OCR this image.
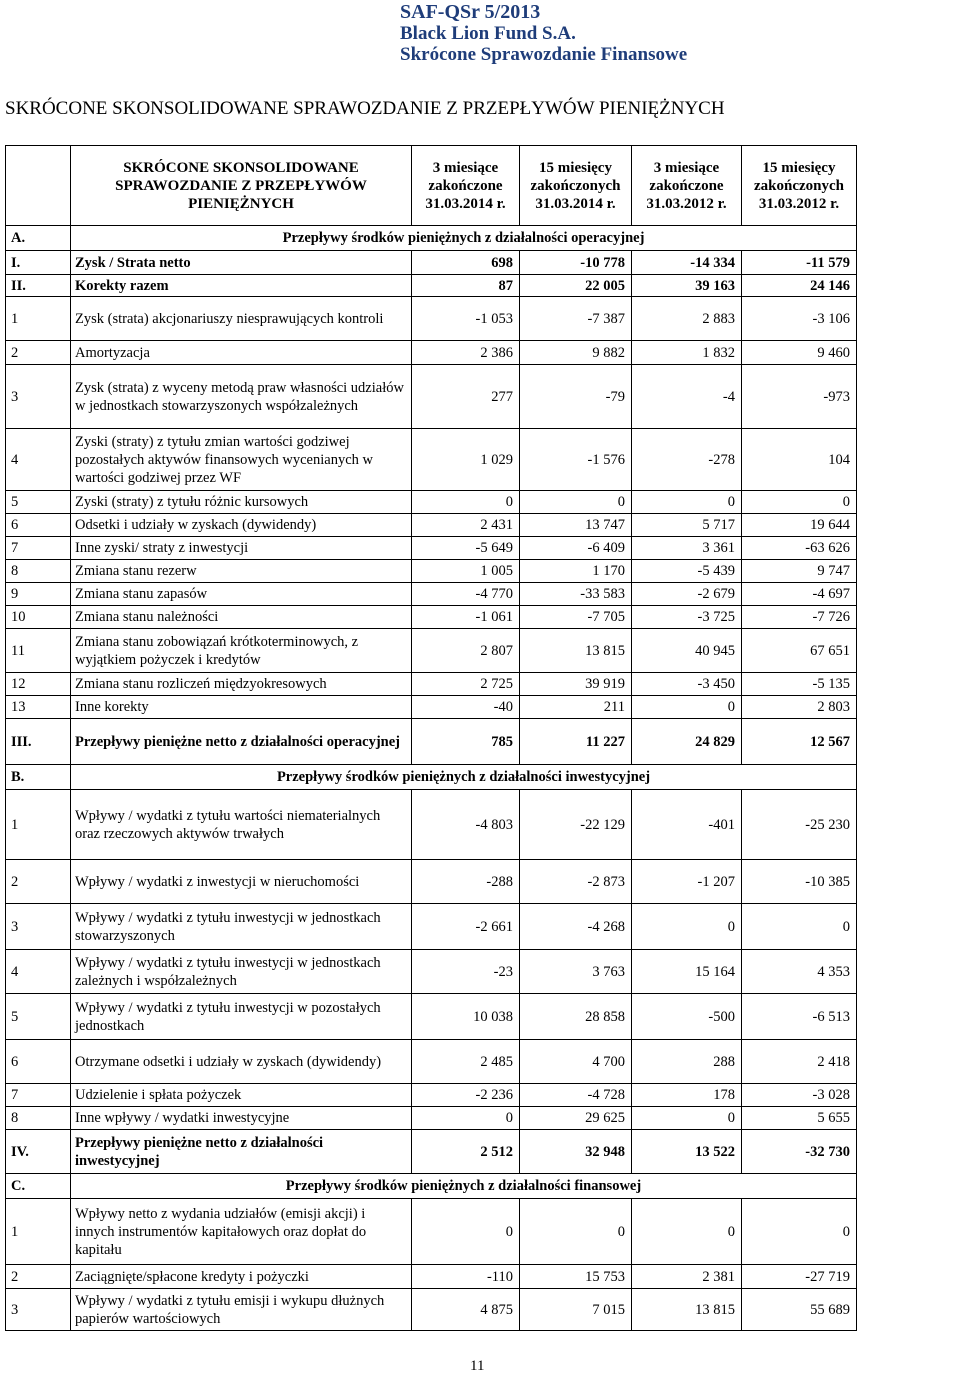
SAF-QSr 5/2013
Black Lion Fund S.A.
Skrócone Sprawozdanie Finansowe
SKRÓCONE SKONSOLIDOWANE SPRAWOZDANIE Z PRZEPŁYWÓW PIENIĘŻNYCH
	SKRÓCONE SKONSOLIDOWANE SPRAWOZDANIE Z PRZEPŁYWÓW PIENIĘŻNYCH	3 miesiące zakończone 31.03.2014 r.	15 miesięcy zakończonych 31.03.2014 r.	3 miesiące zakończone 31.03.2012 r.	15 miesięcy zakończonych 31.03.2012 r.
A.	Przepływy środków pieniężnych z działalności operacyjnej				
I.	Zysk / Strata netto	698	-10 778	-14 334	-11 579
II.	Korekty razem	87	22 005	39 163	24 146
1	Zysk (strata) akcjonariuszy niesprawujących kontroli	-1 053	-7 387	2 883	-3 106
2	Amortyzacja	2 386	9 882	1 832	9 460
3	Zysk (strata) z wyceny metodą praw własności udziałów w jednostkach stowarzyszonych współzależnych	277	-79	-4	-973
4	Zyski (straty) z tytułu zmian wartości godziwej pozostałych aktywów finansowych wycenianych w wartości godziwej przez WF	1 029	-1 576	-278	104
5	Zyski (straty) z tytułu różnic kursowych	0	0	0	0
6	Odsetki i udziały w zyskach (dywidendy)	2 431	13 747	5 717	19 644
7	Inne zyski/ straty z inwestycji	-5 649	-6 409	3 361	-63 626
8	Zmiana stanu rezerw	1 005	1 170	-5 439	9 747
9	Zmiana stanu zapasów	-4 770	-33 583	-2 679	-4 697
10	Zmiana stanu należności	-1 061	-7 705	-3 725	-7 726
11	Zmiana stanu zobowiązań krótkoterminowych, z wyjątkiem pożyczek i kredytów	2 807	13 815	40 945	67 651
12	Zmiana stanu rozliczeń międzyokresowych	2 725	39 919	-3 450	-5 135
13	Inne korekty	-40	211	0	2 803
III.	Przepływy pieniężne netto z działalności operacyjnej	785	11 227	24 829	12 567
B.	Przepływy środków pieniężnych z działalności inwestycyjnej				
1	Wpływy / wydatki z tytułu wartości niematerialnych oraz rzeczowych aktywów trwałych	-4 803	-22 129	-401	-25 230
2	Wpływy / wydatki z inwestycji w nieruchomości	-288	-2 873	-1 207	-10 385
3	Wpływy / wydatki z tytułu inwestycji w jednostkach stowarzyszonych	-2 661	-4 268	0	0
4	Wpływy / wydatki z tytułu inwestycji w jednostkach zależnych i współzależnych	-23	3 763	15 164	4 353
5	Wpływy / wydatki z tytułu inwestycji w pozostałych jednostkach	10 038	28 858	-500	-6 513
6	Otrzymane odsetki i udziały w zyskach (dywidendy)	2 485	4 700	288	2 418
7	Udzielenie i spłata pożyczek	-2 236	-4 728	178	-3 028
8	Inne wpływy / wydatki inwestycyjne	0	29 625	0	5 655
IV.	Przepływy pieniężne netto z działalności inwestycyjnej	2 512	32 948	13 522	-32 730
C.	Przepływy środków pieniężnych z działalności finansowej				
1	Wpływy netto z wydania udziałów (emisji akcji) i innych instrumentów kapitałowych oraz dopłat do kapitału	0	0	0	0
2	Zaciągnięte/spłacone kredyty i pożyczki	-110	15 753	2 381	-27 719
3	Wpływy / wydatki z tytułu emisji i wykupu dłużnych papierów wartościowych	4 875	7 015	13 815	55 689
11
